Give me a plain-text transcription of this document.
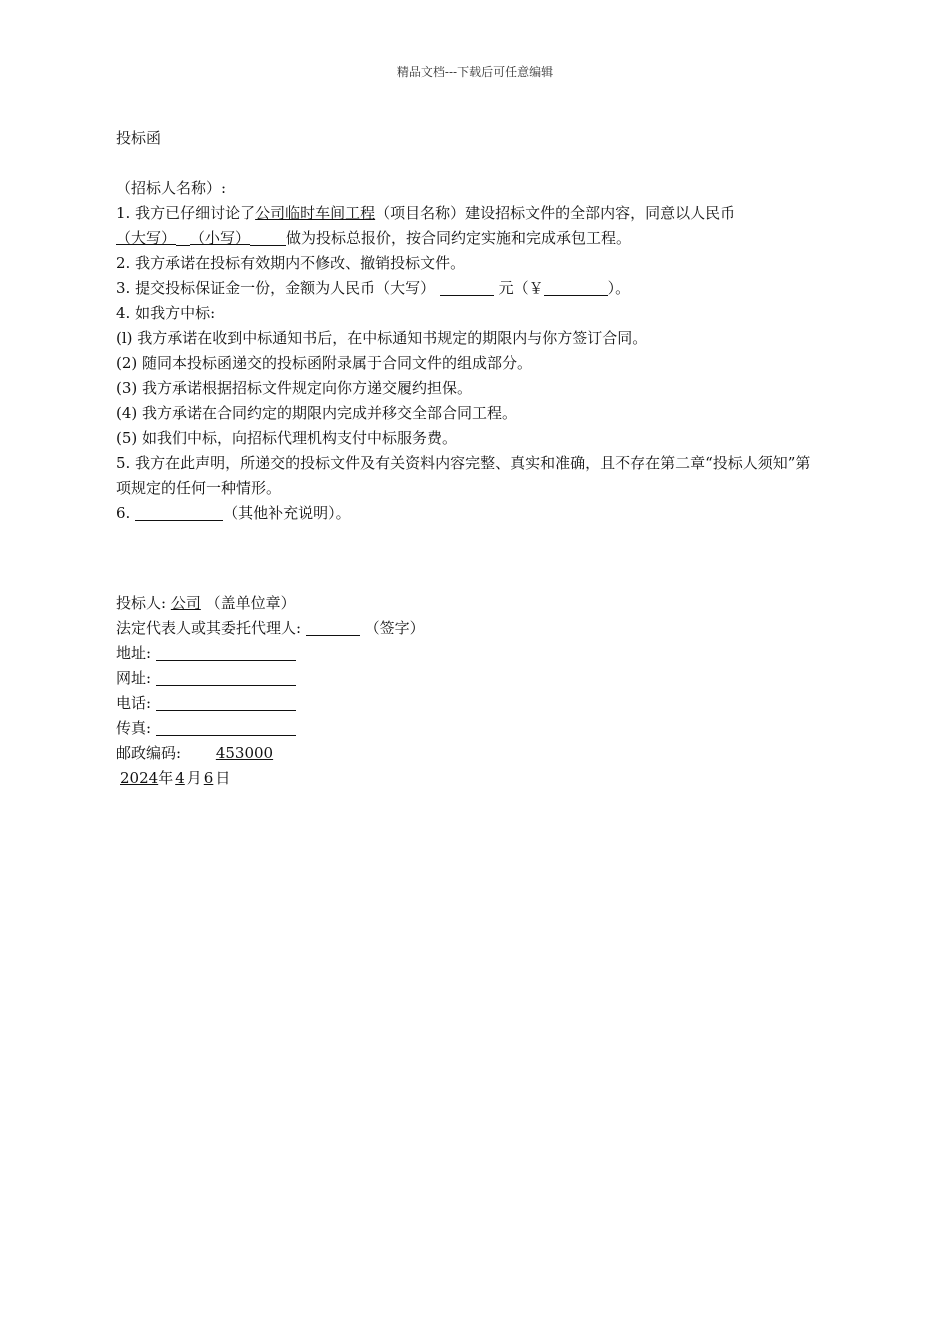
精品文档---下载后可任意编辑
投标函
（招标人名称）:
1. 我方已仔细讨论了公司临时车间工程（项目名称）建设招标文件的全部内容，同意以人民币
（大写） （小写） 做为投标总报价，按合同约定实施和完成承包工程。
2. 我方承诺在投标有效期内不修改、撤销投标文件。
3. 提交投标保证金一份，金额为人民币（大写）	元（￥	）。
4. 如我方中标:
(l) 我方承诺在收到中标通知书后，在中标通知书规定的期限内与你方签订合同。
(2) 随同本投标函递交的投标函附录属于合同文件的组成部分。
(3) 我方承诺根据招标文件规定向你方递交履约担保。
(4) 我方承诺在合同约定的期限内完成并移交全部合同工程。
(5) 如我们中标，向招标代理机构支付中标服务费。
5. 我方在此声明，所递交的投标文件及有关资料内容完整、真实和准确，且不存在第二章“投标人须知”第 项规定的任何一种情形。
6.	（其他补充说明）。
投标人: 公司 （盖单位章）
法定代表人或其委托代理人:	（签字）
地址:
网址:
电话:
传真:
邮政编码: 453000
2024年 4 月 6 日
